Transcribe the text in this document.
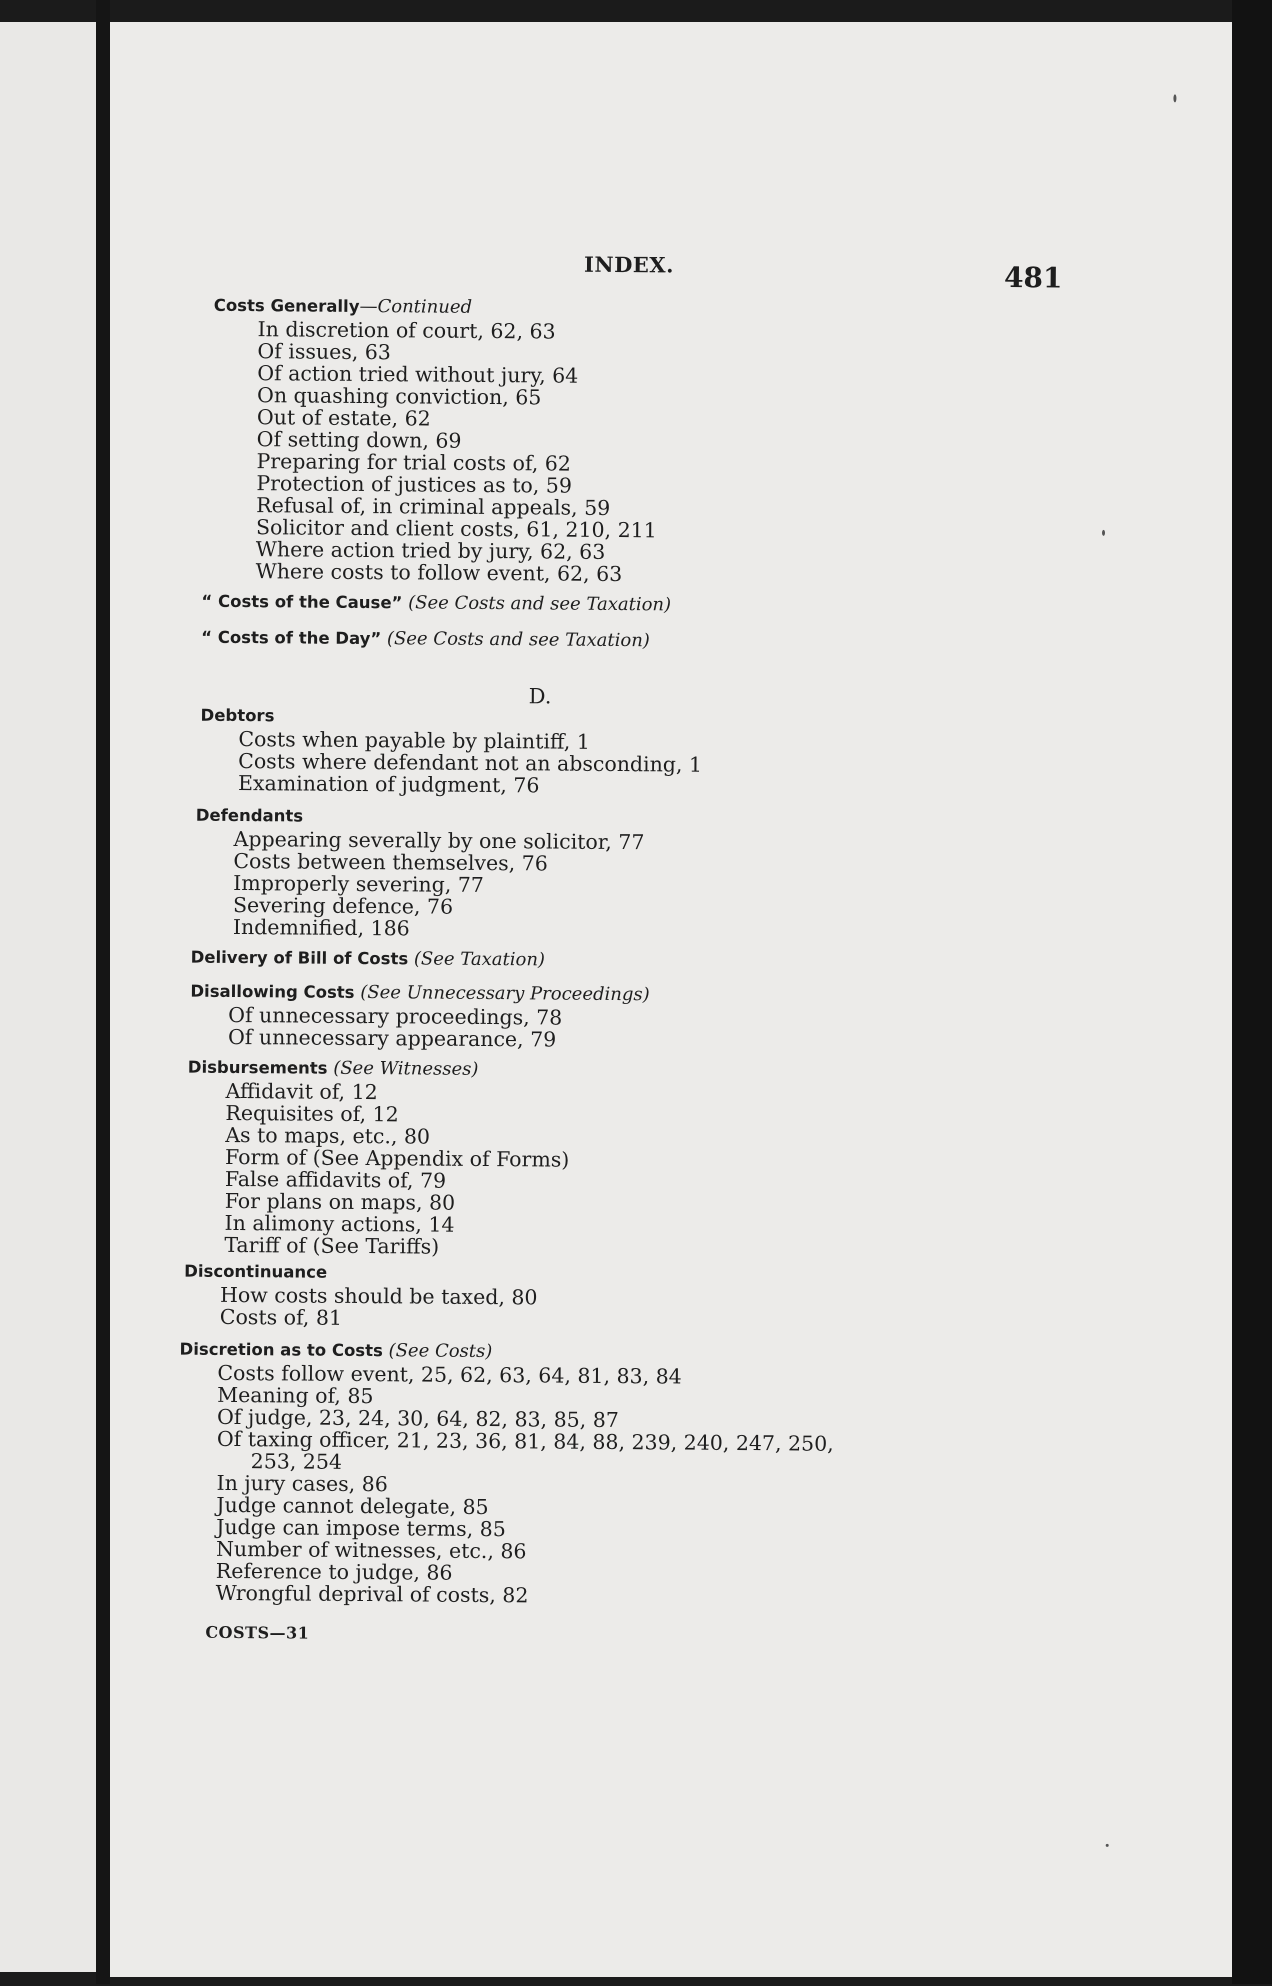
INDEX.	481
Costs Generally—Continued
In discretion of court, 62, 63
Of issues, 63
Of action tried without jury, 64
On quashing conviction, 65
Out of estate, 62
Of setting down, 69
Preparing for trial costs of, 62
Protection of justices as to, 59
Refusal of, in criminal appeals, 59
Solicitor and client costs, 61, 210, 211
Where action tried by jury, 62, 63
Where costs to follow event, 62, 63
“ Costs of the Cause” (See Costs and see Taxation)
“ Costs of the Day” (See Costs and see Taxation)
D.
Debtors
Costs when payable by plaintiff, 1
Costs where defendant not an absconding, 1
Examination of judgment, 76
Defendants
Appearing severally by one solicitor, 77
Costs between themselves, 76
Improperly severing, 77
Severing defence, 76
Indemnified, 186
Delivery of Bill of Costs (See Taxation)
Disallowing Costs (See Unnecessary Proceedings)
Of unnecessary proceedings, 78
Of unnecessary appearance, 79
Disbursements (See Witnesses)
Affidavit of, 12
Requisites of, 12
As to maps, etc., 80
Form of (See Appendix of Forms)
False affidavits of, 79
For plans on maps, 80
In alimony actions, 14
Tariff of (See Tariffs)
Discontinuance
How costs should be taxed, 80
Costs of, 81
Discretion as to Costs (See Costs)
Costs follow event, 25, 62, 63, 64, 81, 83, 84
Meaning of, 85
Of judge, 23, 24, 30, 64, 82, 83, 85, 87
Of taxing officer, 21, 23, 36, 81, 84, 88, 239, 240, 247, 250,
253, 254
In jury cases, 86
Judge cannot delegate, 85
Judge can impose terms, 85
Number of witnesses, etc., 86
Reference to judge, 86
Wrongful deprival of costs, 82
COSTS—31
